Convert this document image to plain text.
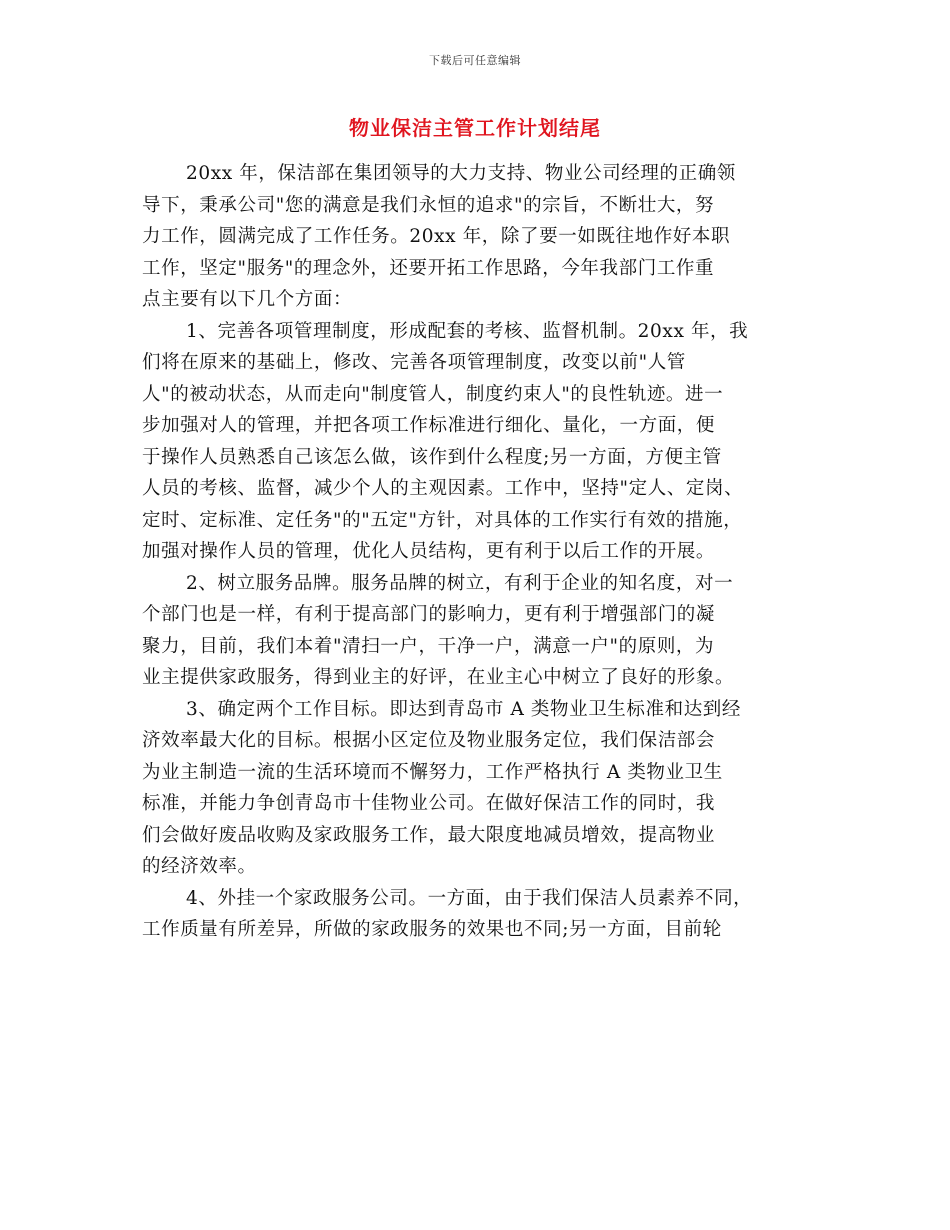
下载后可任意编辑
物业保洁主管工作计划结尾

20xx 年，保洁部在集团领导的大力支持、物业公司经理的正确领

导下，秉承公司"您的满意是我们永恒的追求"的宗旨，不断壮大，努

力工作，圆满完成了工作任务。20xx 年，除了要一如既往地作好本职

工作，坚定"服务"的理念外，还要开拓工作思路，今年我部门工作重

点主要有以下几个方面：

1、完善各项管理制度，形成配套的考核、监督机制。20xx 年，我

们将在原来的基础上，修改、完善各项管理制度，改变以前"人管

人"的被动状态，从而走向"制度管人，制度约束人"的良性轨迹。进一

步加强对人的管理，并把各项工作标准进行细化、量化，一方面，便

于操作人员熟悉自己该怎么做，该作到什么程度;另一方面，方便主管

人员的考核、监督，减少个人的主观因素。工作中，坚持"定人、定岗、

定时、定标准、定任务"的"五定"方针，对具体的工作实行有效的措施，

加强对操作人员的管理，优化人员结构，更有利于以后工作的开展。

2、树立服务品牌。服务品牌的树立，有利于企业的知名度，对一

个部门也是一样，有利于提高部门的影响力，更有利于增强部门的凝

聚力，目前，我们本着"清扫一户，干净一户，满意一户"的原则，为

业主提供家政服务，得到业主的好评，在业主心中树立了良好的形象。

3、确定两个工作目标。即达到青岛市 A 类物业卫生标准和达到经

济效率最大化的目标。根据小区定位及物业服务定位，我们保洁部会

为业主制造一流的生活环境而不懈努力，工作严格执行 A 类物业卫生

标准，并能力争创青岛市十佳物业公司。在做好保洁工作的同时，我

们会做好废品收购及家政服务工作，最大限度地减员增效，提高物业

的经济效率。

4、外挂一个家政服务公司。一方面，由于我们保洁人员素养不同，

工作质量有所差异，所做的家政服务的效果也不同;另一方面，目前轮
